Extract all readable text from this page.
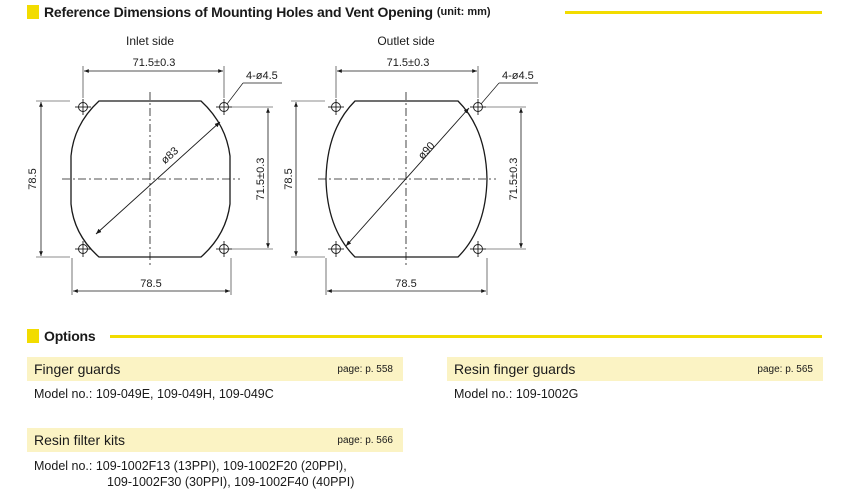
Reference Dimensions of Mounting Holes and Vent Opening (unit: mm)
Inlet side
ø83
71.5±0.3
4-ø4.5
78.5	71.5±0.3
78.5
Outlet side
ø90
71.5±0.3
4-ø4.5
78.5	71.5±0.3
78.5
Options
Finger guards	page: p. 558
Model no.: 109-049E, 109-049H, 109-049C
Resin finger guards	page: p. 565
Model no.: 109-1002G
Resin filter kits	page: p. 566
Model no.: 109-1002F13 (13PPI), 109-1002F20 (20PPI),
109-1002F30 (30PPI), 109-1002F40 (40PPI)
